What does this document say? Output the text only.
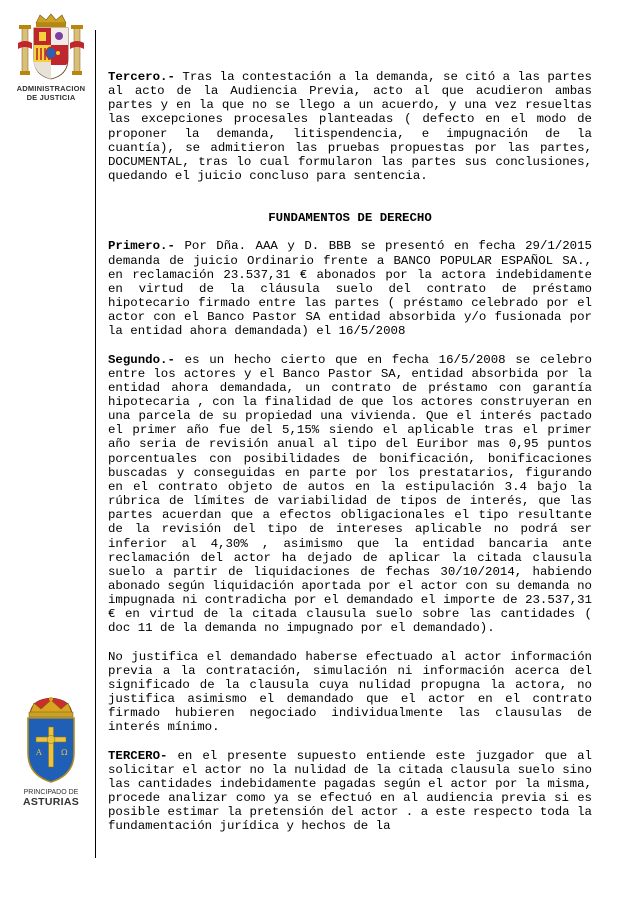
ADMINISTRACION
DE JUSTICIA
A Ω
PRINCIPADO DE
ASTURIAS

Tercero.- Tras la contestación a la demanda, se citó a las partes al acto de la Audiencia Previa, acto al que acudieron ambas partes y en la que no se llego a un acuerdo, y una vez resueltas las excepciones procesales planteadas ( defecto en el modo de proponer la demanda, litispendencia, e impugnación de la cuantía), se admitieron las pruebas propuestas por las partes, DOCUMENTAL, tras lo cual formularon las partes sus conclusiones, quedando el juicio concluso para sentencia.

FUNDAMENTOS DE DERECHO

Primero.- Por Dña. AAA y D. BBB se presentó en fecha 29/1/2015 demanda de juicio Ordinario frente a BANCO POPULAR ESPAÑOL SA., en reclamación 23.537,31 € abonados por la actora indebidamente en virtud de la cláusula suelo del contrato de préstamo hipotecario firmado entre las partes ( préstamo celebrado por el actor con el Banco Pastor SA entidad absorbida y/o fusionada por la entidad ahora demandada) el 16/5/2008

Segundo.- es un hecho cierto que en fecha 16/5/2008 se celebro entre los actores y el Banco Pastor SA, entidad absorbida por la entidad ahora demandada, un contrato de préstamo con garantía hipotecaria , con la finalidad de que los actores construyeran en una parcela de su propiedad una vivienda. Que el interés pactado el primer año fue del 5,15% siendo el aplicable tras el primer año seria de revisión anual al tipo del Euribor mas 0,95 puntos porcentuales con posibilidades de bonificación, bonificaciones buscadas y conseguidas en parte por los prestatarios, figurando en el contrato objeto de autos en la estipulación 3.4 bajo la rúbrica de límites de variabilidad de tipos de interés, que las partes acuerdan que a efectos obligacionales el tipo resultante de la revisión del tipo de intereses aplicable no podrá ser inferior al 4,30% , asimismo que la entidad bancaria ante reclamación del actor ha dejado de aplicar la citada clausula suelo a partir de liquidaciones de fechas 30/10/2014, habiendo abonado según liquidación aportada por el actor con su demanda no impugnada ni contradicha por el demandado el importe de 23.537,31 € en virtud de la citada clausula suelo sobre las cantidades ( doc 11 de la demanda no impugnado por el demandado).

No justifica el demandado haberse efectuado al actor información previa a la contratación, simulación ni información acerca del significado de la clausula cuya nulidad propugna la actora, no justifica asimismo el demandado que el actor en el contrato firmado hubieren negociado individualmente las clausulas de interés mínimo.

TERCERO- en el presente supuesto entiende este juzgador que al solicitar el actor no la nulidad de la citada clausula suelo sino las cantidades indebidamente pagadas según el actor por la misma, procede analizar como ya se efectuó en al audiencia previa si es posible estimar la pretensión del actor . a este respecto toda la fundamentación jurídica y hechos de la
